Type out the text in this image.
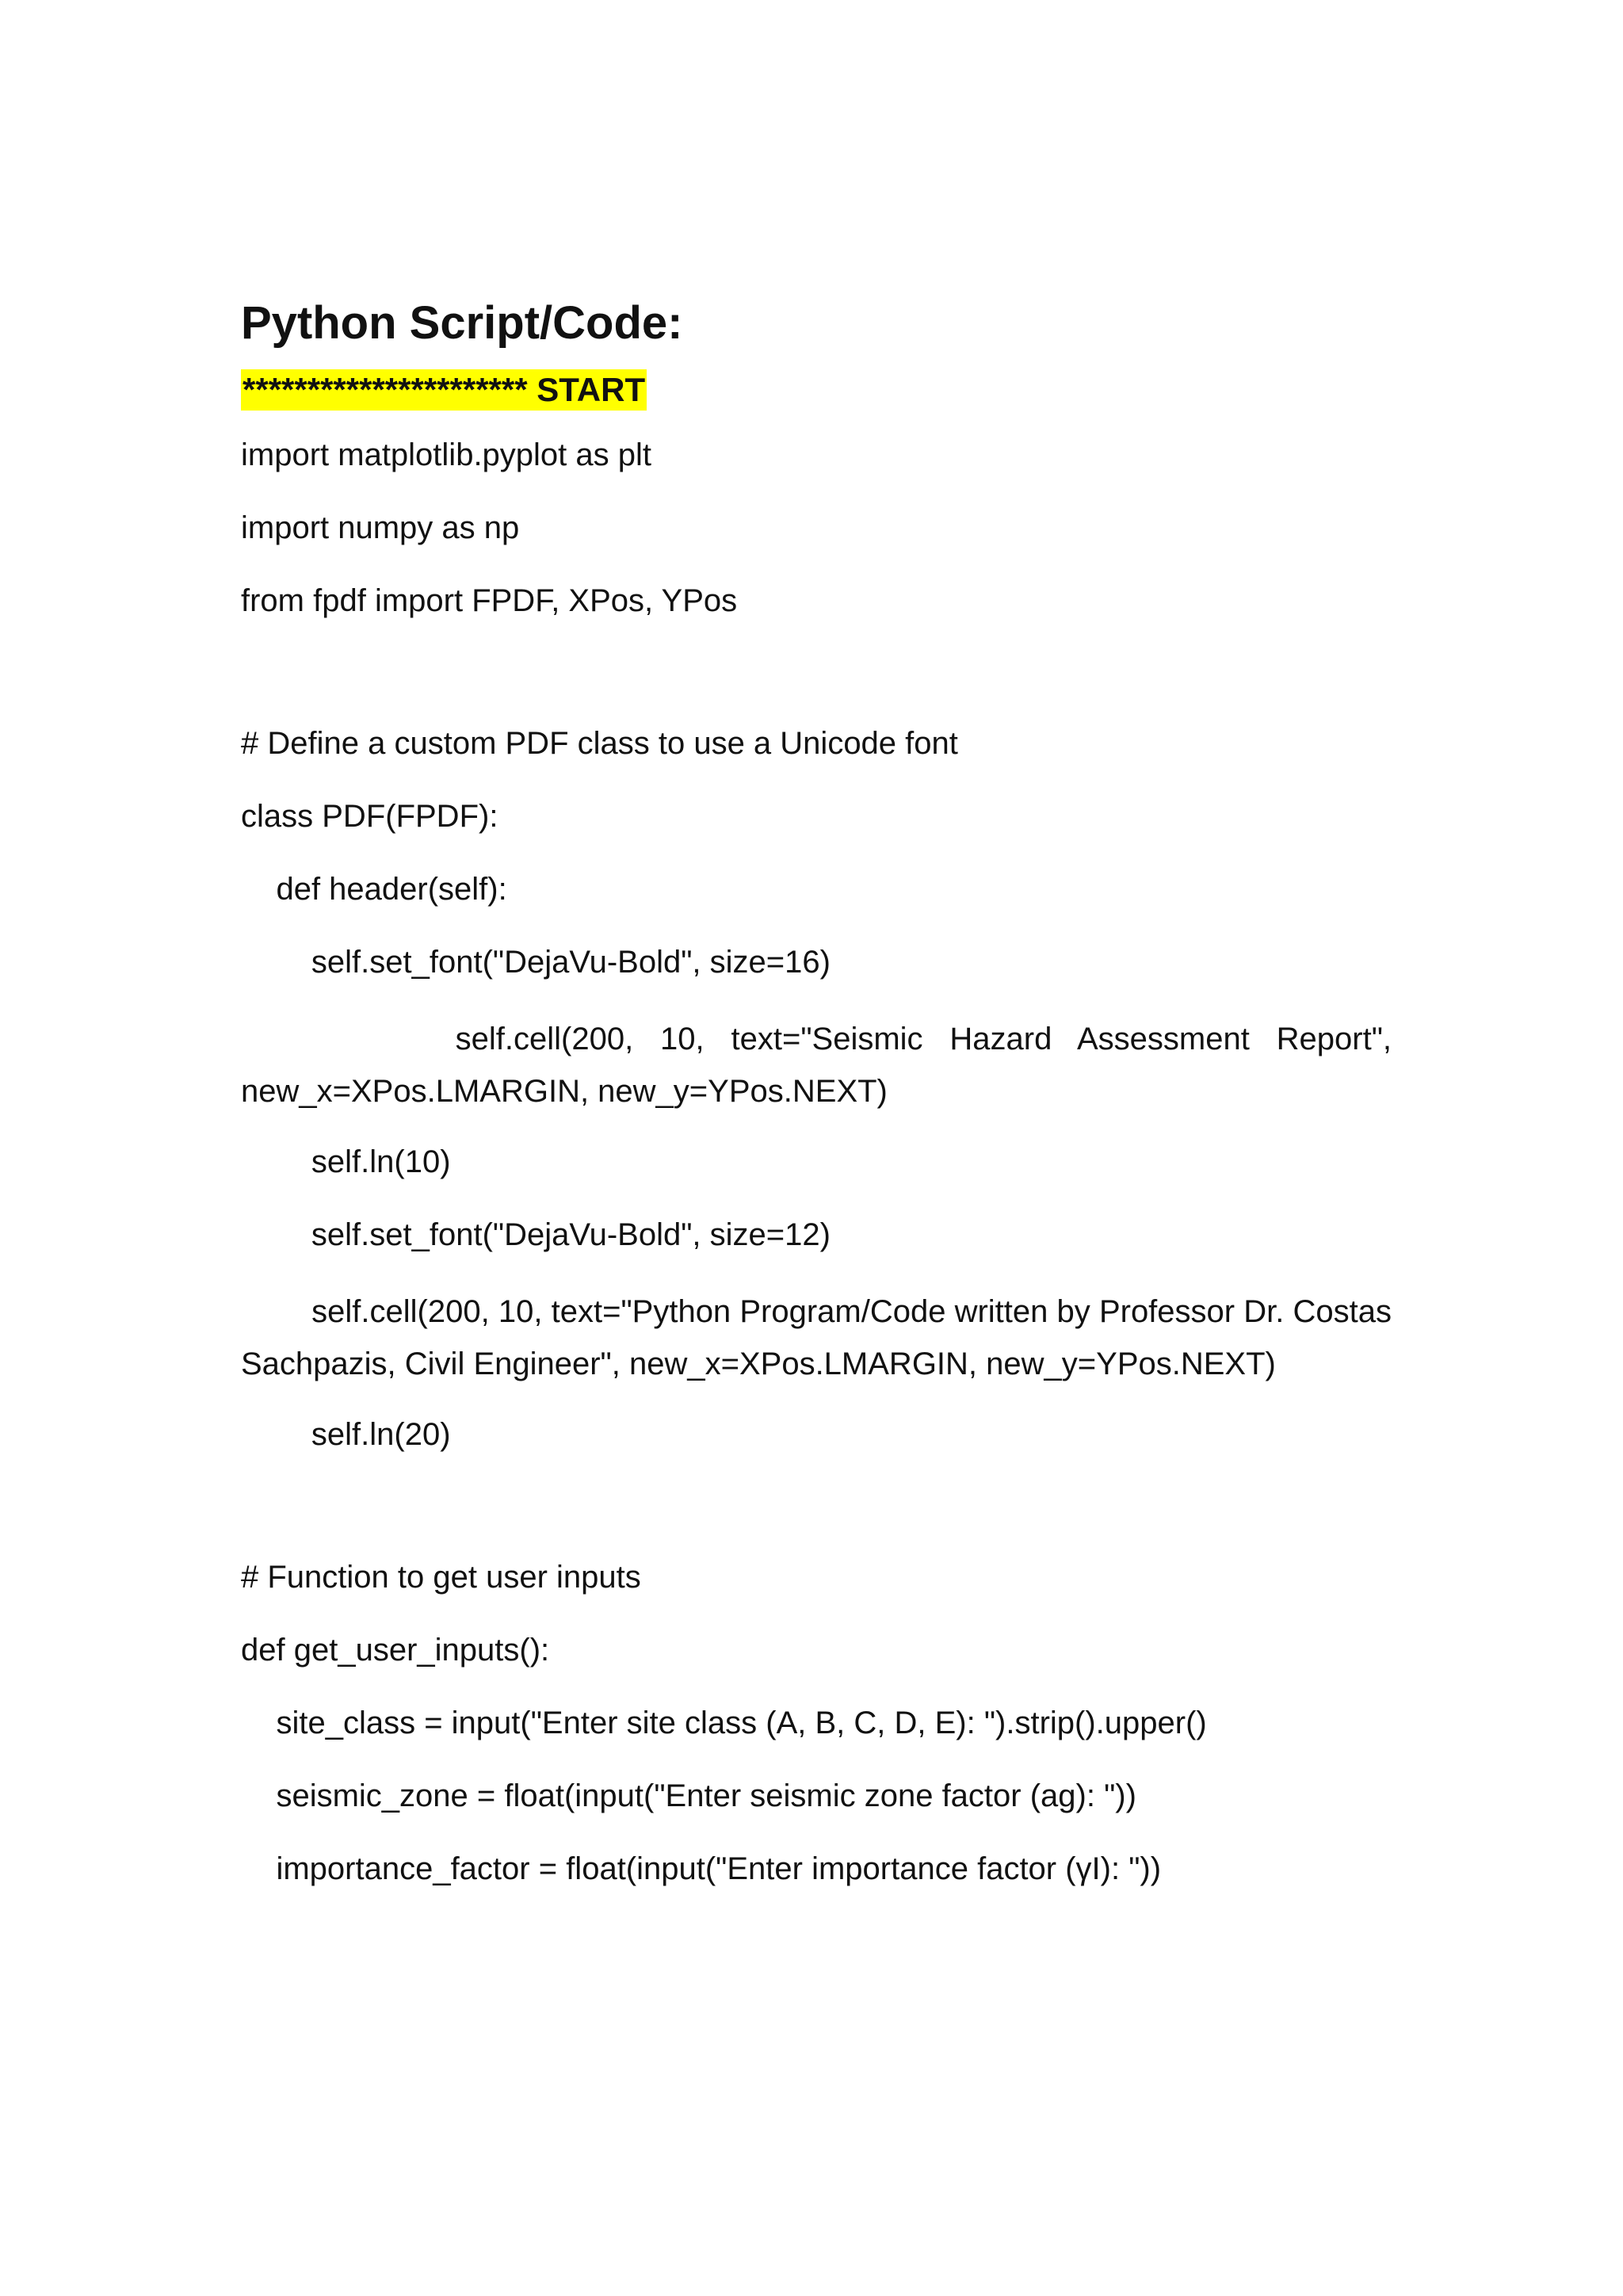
Python Script/Code:
********************** START
import matplotlib.pyplot as plt
import numpy as np
from fpdf import FPDF, XPos, YPos
# Define a custom PDF class to use a Unicode font
class PDF(FPDF):
def header(self):
self.set_font("DejaVu-Bold", size=16)
self.cell(200, 10, text="Seismic Hazard Assessment Report", new_x=XPos.LMARGIN, new_y=YPos.NEXT)
self.ln(10)
self.set_font("DejaVu-Bold", size=12)
self.cell(200, 10, text="Python Program/Code written by Professor Dr. Costas Sachpazis, Civil Engineer", new_x=XPos.LMARGIN, new_y=YPos.NEXT)
self.ln(20)
# Function to get user inputs
def get_user_inputs():
site_class = input("Enter site class (A, B, C, D, E): ").strip().upper()
seismic_zone = float(input("Enter seismic zone factor (ag): "))
importance_factor = float(input("Enter importance factor (γI): "))
